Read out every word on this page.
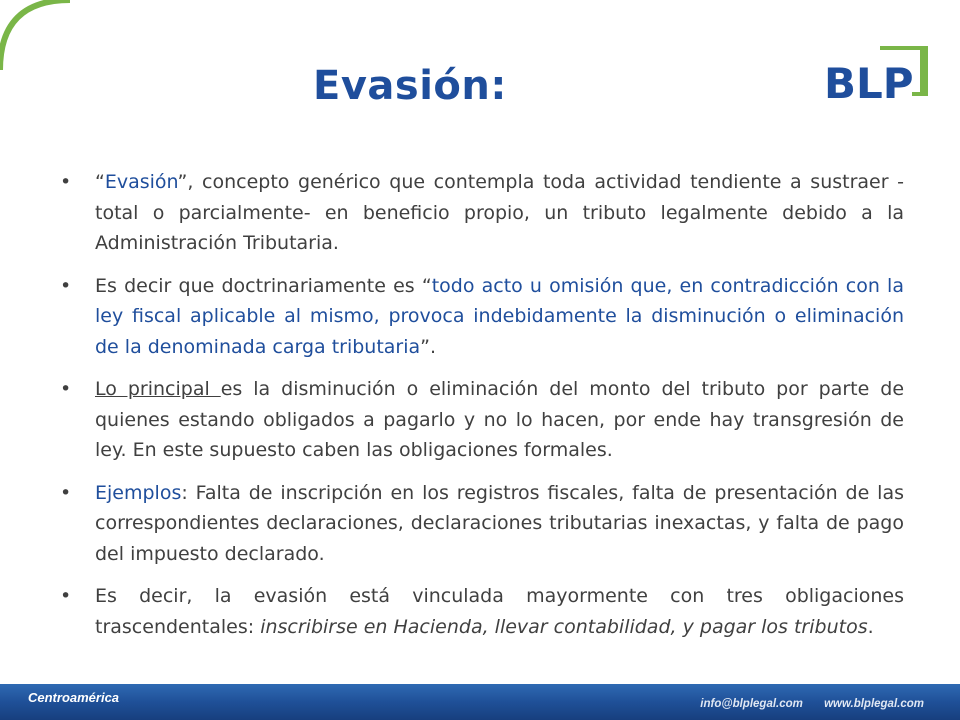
Evasión:	BLP
• “Evasión”, concepto genérico que contempla toda actividad tendiente a sustraer -total o parcialmente- en beneficio propio, un tributo legalmente debido a la Administración Tributaria.
• Es decir que doctrinariamente es “todo acto u omisión que, en contradicción con la ley fiscal aplicable al mismo, provoca indebidamente la disminución o eliminación de la denominada carga tributaria”.
• Lo principal es la disminución o eliminación del monto del tributo por parte de quienes estando obligados a pagarlo y no lo hacen, por ende hay transgresión de ley. En este supuesto caben las obligaciones formales.
• Ejemplos: Falta de inscripción en los registros fiscales, falta de presentación de las correspondientes declaraciones, declaraciones tributarias inexactas, y falta de pago del impuesto declarado.
• Es decir, la evasión está vinculada mayormente con tres obligaciones trascendentales: inscribirse en Hacienda, llevar contabilidad, y pagar los tributos.
Centroamérica	info@blplegal.com www.blplegal.com
